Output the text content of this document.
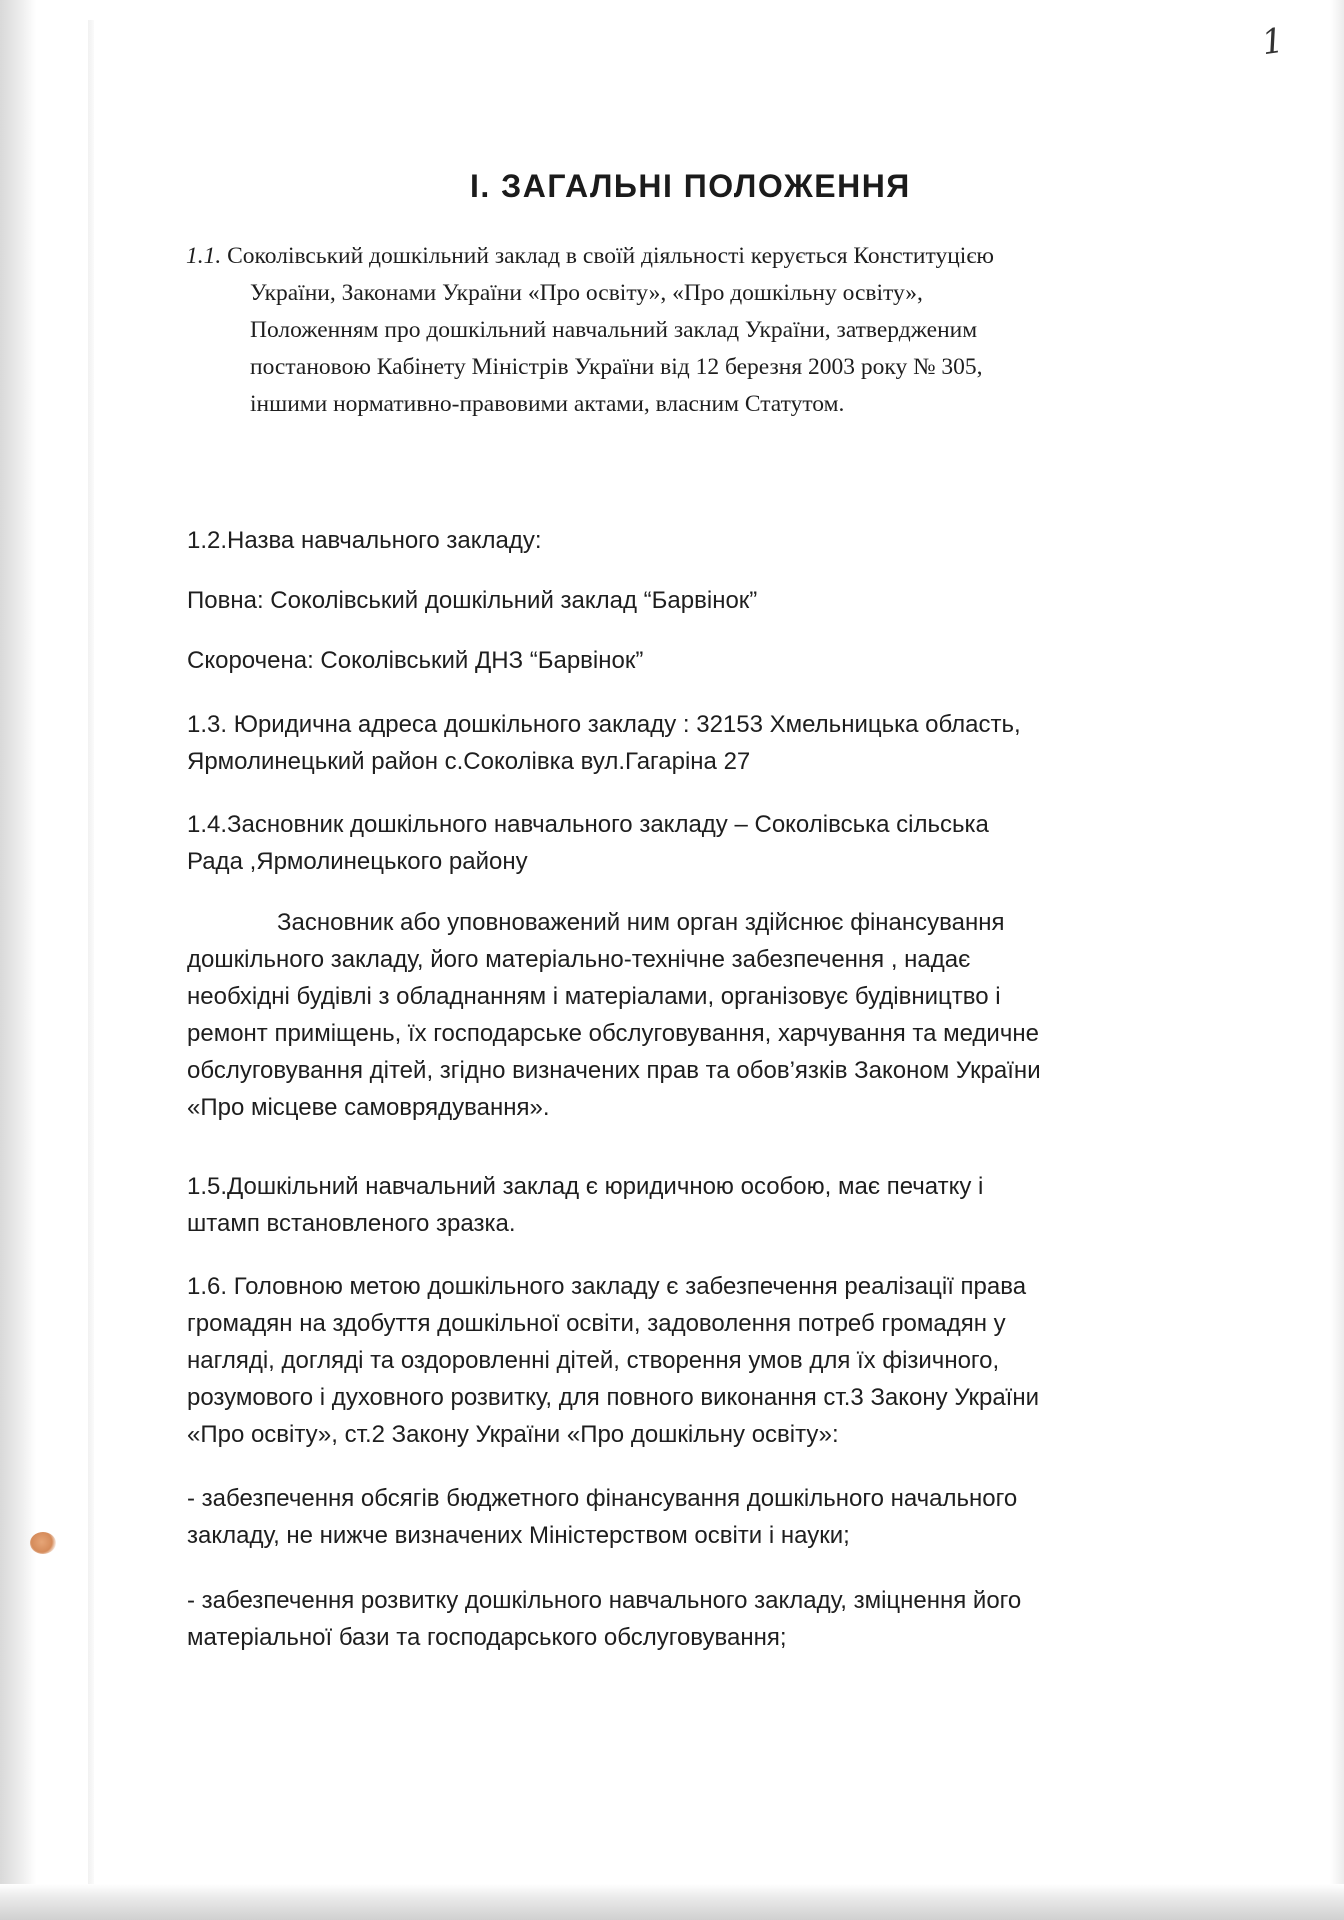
1
І. ЗАГАЛЬНІ ПОЛОЖЕННЯ
1.1. Соколівський дошкільний заклад в своїй діяльності керується Конституцією
України, Законами України «Про освіту», «Про дошкільну освіту»,
Положенням про дошкільний навчальний заклад України, затвердженим
постановою Кабінету Міністрів України від 12 березня 2003 року № 305,
іншими нормативно-правовими актами, власним Статутом.

1.2.Назва навчального закладу:

Повна: Соколівський дошкільний заклад “Барвінок”

Скорочена: Соколівський ДНЗ “Барвінок”

1.3. Юридична адреса дошкільного закладу : 32153 Хмельницька область,
Ярмолинецький район с.Соколівка вул.Гагаріна 27
1.4.Засновник дошкільного навчального закладу – Соколівська сільська
Рада ,Ярмолинецького району
Засновник або уповноважений ним орган здійснює фінансування
дошкільного закладу, його матеріально-технічне забезпечення , надає
необхідні будівлі з обладнанням і матеріалами, організовує будівництво і
ремонт приміщень, їх господарське обслуговування, харчування та медичне
обслуговування дітей, згідно визначених прав та обов’язків Законом України
«Про місцеве самоврядування».
1.5.Дошкільний навчальний заклад є юридичною особою, має печатку і
штамп встановленого зразка.
1.6. Головною метою дошкільного закладу є забезпечення реалізації права
громадян на здобуття дошкільної освіти, задоволення потреб громадян у
нагляді, догляді та оздоровленні дітей, створення умов для їх фізичного,
розумового і духовного розвитку, для повного виконання ст.3 Закону України
«Про освіту», ст.2 Закону України «Про дошкільну освіту»:
- забезпечення обсягів бюджетного фінансування дошкільного начального
закладу, не нижче визначених Міністерством освіти і науки;
- забезпечення розвитку дошкільного навчального закладу, зміцнення його
матеріальної бази та господарського обслуговування;
